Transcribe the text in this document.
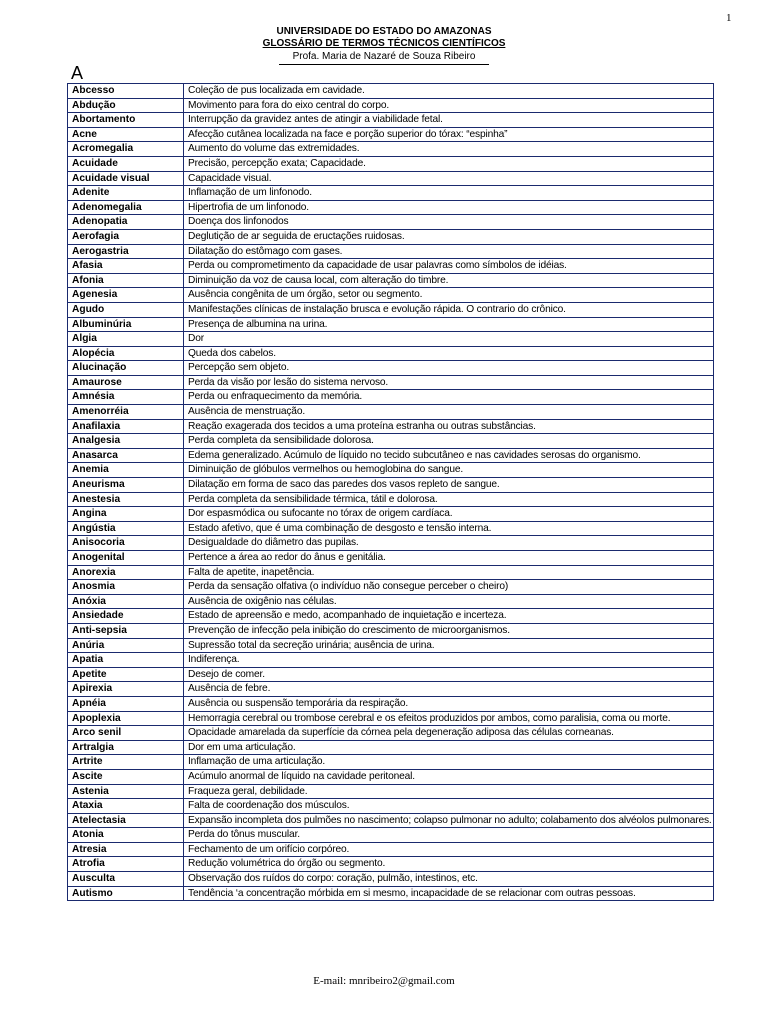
1
UNIVERSIDADE DO ESTADO DO AMAZONAS
GLOSSÁRIO DE TERMOS TÉCNICOS CIENTÍFICOS
Profa. Maria de Nazaré de Souza Ribeiro
A
Abcesso	Coleção de pus localizada em cavidade.
Abdução	Movimento para fora do eixo central do corpo.
Abortamento	Interrupção da gravidez antes de atingir a viabilidade fetal.
Acne	Afecção cutânea localizada na face e porção superior do tórax: “espinha”
Acromegalia	Aumento do volume das extremidades.
Acuidade	Precisão, percepção exata; Capacidade.
Acuidade visual	Capacidade visual.
Adenite	Inflamação de um linfonodo.
Adenomegalia	Hipertrofia de um linfonodo.
Adenopatia	Doença dos linfonodos
Aerofagia	Deglutição de ar seguida de eructações ruidosas.
Aerogastria	Dilatação do estômago com gases.
Afasia	Perda ou comprometimento da capacidade de usar palavras como símbolos de idéias.
Afonia	Diminuição da voz de causa local, com alteração do timbre.
Agenesia	Ausência congênita de um órgão, setor ou segmento.
Agudo	Manifestações clínicas de instalação brusca e evolução rápida. O contrario do crônico.
Albuminúria	Presença de albumina na urina.
Algia	Dor
Alopécia	Queda dos cabelos.
Alucinação	Percepção sem objeto.
Amaurose	Perda da visão por lesão do sistema nervoso.
Amnésia	Perda ou enfraquecimento da memória.
Amenorréia	Ausência de menstruação.
Anafilaxia	Reação exagerada dos tecidos a uma proteína estranha ou outras substâncias.
Analgesia	Perda completa da sensibilidade dolorosa.
Anasarca	Edema generalizado. Acúmulo de líquido no tecido subcutâneo e nas cavidades serosas do organismo.
Anemia	Diminuição de glóbulos vermelhos ou hemoglobina do sangue.
Aneurisma	Dilatação em forma de saco das paredes dos vasos repleto de sangue.
Anestesia	Perda completa da sensibilidade térmica, tátil e dolorosa.
Angina	Dor espasmódica ou sufocante no tórax de origem cardíaca.
Angústia	Estado afetivo, que é uma combinação de desgosto e tensão interna.
Anisocoria	Desigualdade do diâmetro das pupilas.
Anogenital	Pertence a área ao redor do ânus e genitália.
Anorexia	Falta de apetite, inapetência.
Anosmia	Perda da sensação olfativa (o indivíduo não consegue perceber o cheiro)
Anóxia	Ausência de oxigênio nas células.
Ansiedade	Estado de apreensão e medo, acompanhado de inquietação e incerteza.
Anti-sepsia	Prevenção de infecção pela inibição do crescimento de microorganismos.
Anúria	Supressão total da secreção urinária; ausência de urina.
Apatia	Indiferença.
Apetite	Desejo de comer.
Apirexia	Ausência de febre.
Apnéia	Ausência ou suspensão temporária da respiração.
Apoplexia	Hemorragia cerebral ou trombose cerebral e os efeitos produzidos por ambos, como paralisia, coma ou morte.
Arco senil	Opacidade amarelada da superfície da córnea pela degeneração adiposa das células corneanas.
Artralgia	Dor em uma articulação.
Artrite	Inflamação de uma articulação.
Ascite	Acúmulo anormal de líquido na cavidade peritoneal.
Astenia	Fraqueza geral, debilidade.
Ataxia	Falta de coordenação dos músculos.
Atelectasia	Expansão incompleta dos pulmões no nascimento; colapso pulmonar no adulto; colabamento dos alvéolos pulmonares.
Atonia	Perda do tônus muscular.
Atresia	Fechamento de um orifício corpóreo.
Atrofia	Redução volumétrica do órgão ou segmento.
Ausculta	Observação dos ruídos do corpo: coração, pulmão, intestinos, etc.
Autismo	Tendência ‘a concentração mórbida em si mesmo, incapacidade de se relacionar com outras pessoas.
E-mail: mnribeiro2@gmail.com
